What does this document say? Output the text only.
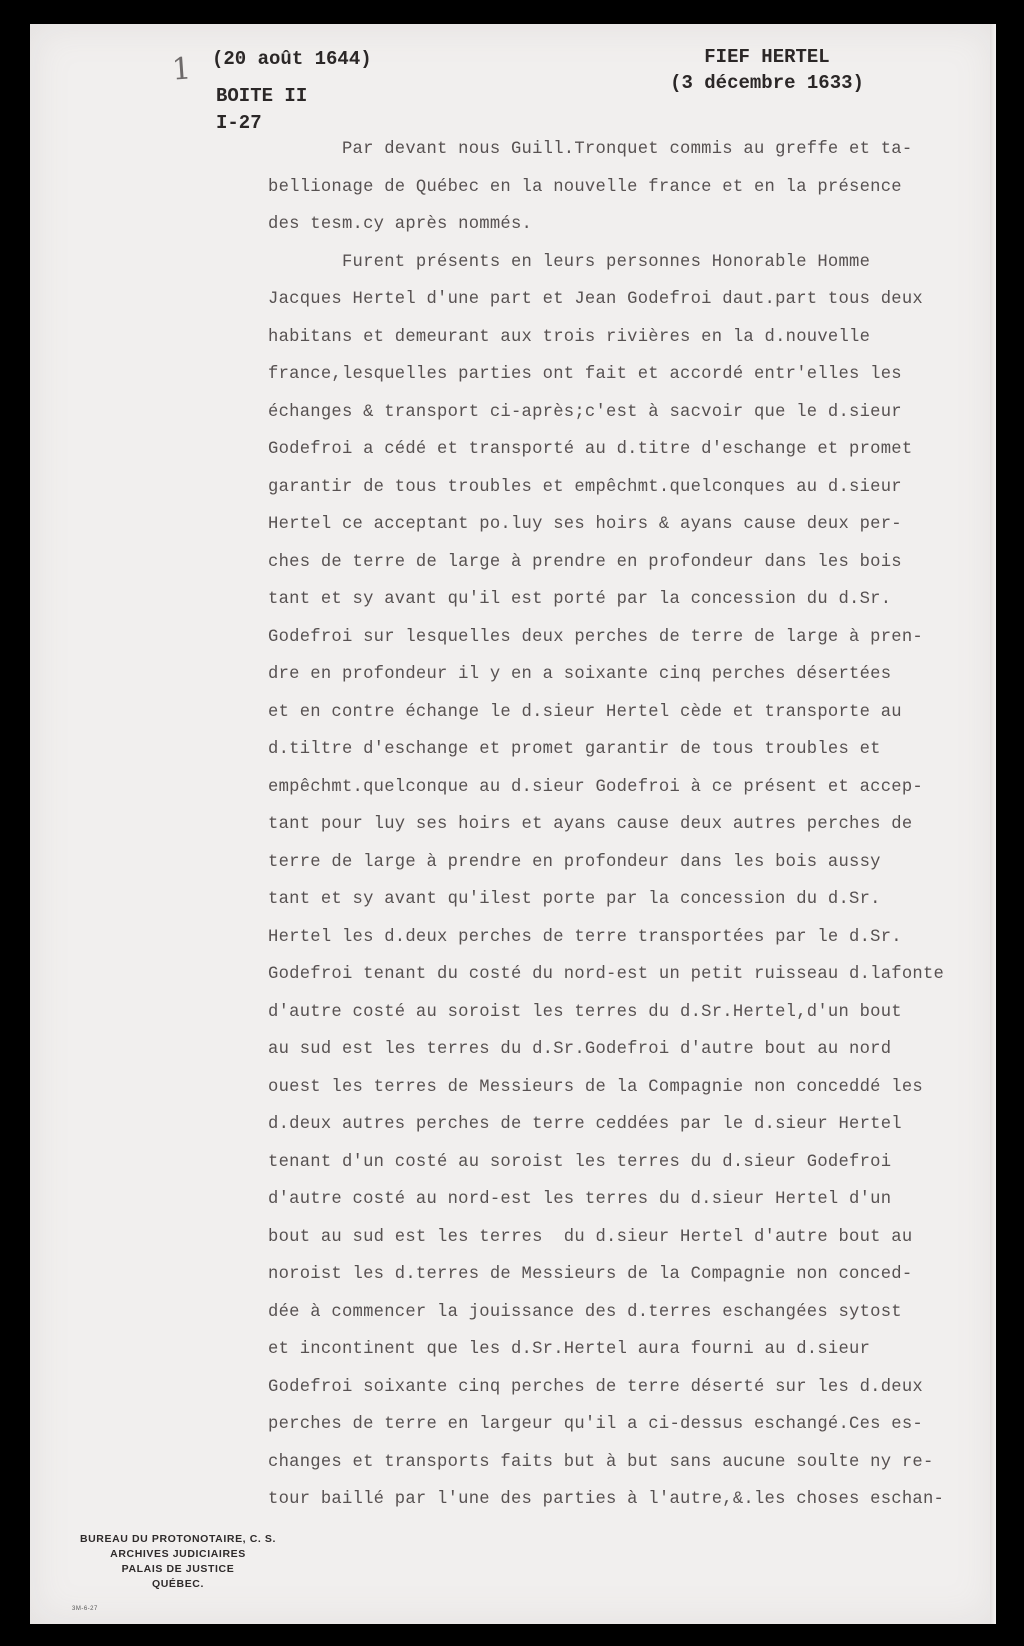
1 (20 août 1644)
BOITE II
I-27
FIEF HERTEL
(3 décembre 1633)
Par devant nous Guill.Tronquet commis au greffe et ta-
bellionage de Québec en la nouvelle france et en la présence
des tesm.cy après nommés.
Furent présents en leurs personnes Honorable Homme
Jacques Hertel d'une part et Jean Godefroi daut.part tous deux
habitans et demeurant aux trois rivières en la d.nouvelle
france,lesquelles parties ont fait et accordé entr'elles les
échanges & transport ci-après;c'est à sacvoir que le d.sieur
Godefroi a cédé et transporté au d.titre d'eschange et promet
garantir de tous troubles et empêchmt.quelconques au d.sieur
Hertel ce acceptant po.luy ses hoirs & ayans cause deux per-
ches de terre de large à prendre en profondeur dans les bois
tant et sy avant qu'il est porté par la concession du d.Sr.
Godefroi sur lesquelles deux perches de terre de large à pren-
dre en profondeur il y en a soixante cinq perches désertées
et en contre échange le d.sieur Hertel cède et transporte au
d.tiltre d'eschange et promet garantir de tous troubles et
empêchmt.quelconque au d.sieur Godefroi à ce présent et accep-
tant pour luy ses hoirs et ayans cause deux autres perches de
terre de large à prendre en profondeur dans les bois aussy
tant et sy avant qu'ilest porte par la concession du d.Sr.
Hertel les d.deux perches de terre transportées par le d.Sr.
Godefroi tenant du costé du nord-est un petit ruisseau d.lafonte
d'autre costé au soroist les terres du d.Sr.Hertel,d'un bout
au sud est les terres du d.Sr.Godefroi d'autre bout au nord
ouest les terres de Messieurs de la Compagnie non conceddé les
d.deux autres perches de terre ceddées par le d.sieur Hertel
tenant d'un costé au soroist les terres du d.sieur Godefroi
d'autre costé au nord-est les terres du d.sieur Hertel d'un
bout au sud est les terres  du d.sieur Hertel d'autre bout au
noroist les d.terres de Messieurs de la Compagnie non conced-
dée à commencer la jouissance des d.terres eschangées sytost
et incontinent que les d.Sr.Hertel aura fourni au d.sieur
Godefroi soixante cinq perches de terre déserté sur les d.deux
perches de terre en largeur qu'il a ci-dessus eschangé.Ces es-
changes et transports faits but à but sans aucune soulte ny re-
tour baillé par l'une des parties à l'autre,&.les choses eschan-
BUREAU DU PROTONOTAIRE, C. S.
ARCHIVES JUDICIAIRES
PALAIS DE JUSTICE
QUÉBEC.
3M-6-27
